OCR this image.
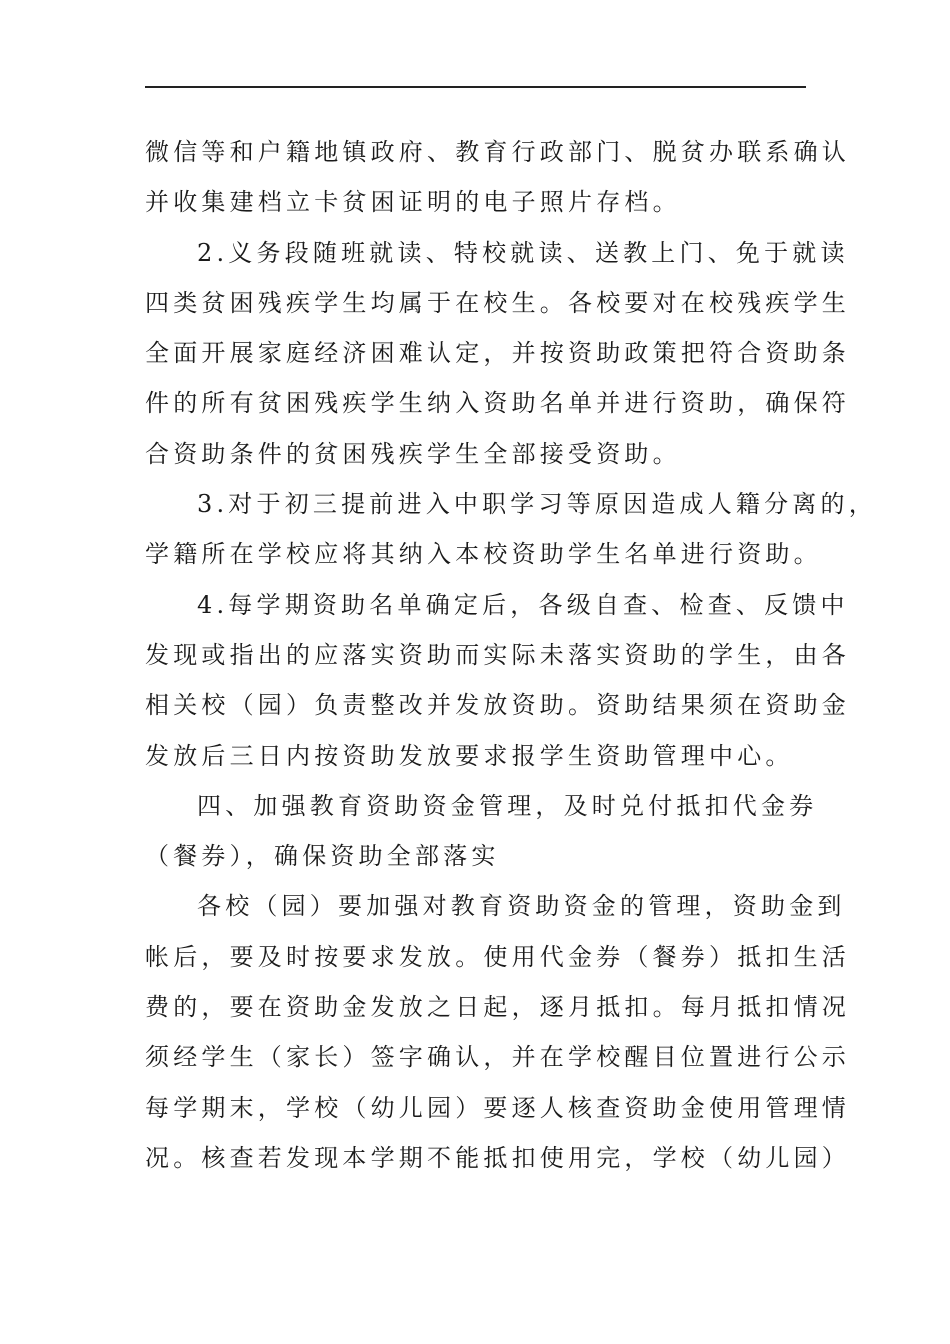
微信等和户籍地镇政府、教育行政部门、脱贫办联系确认
并收集建档立卡贫困证明的电子照片存档。
2.义务段随班就读、特校就读、送教上门、免于就读
四类贫困残疾学生均属于在校生。各校要对在校残疾学生
全面开展家庭经济困难认定，并按资助政策把符合资助条
件的所有贫困残疾学生纳入资助名单并进行资助，确保符
合资助条件的贫困残疾学生全部接受资助。
3.对于初三提前进入中职学习等原因造成人籍分离的，
学籍所在学校应将其纳入本校资助学生名单进行资助。
4.每学期资助名单确定后，各级自查、检查、反馈中
发现或指出的应落实资助而实际未落实资助的学生，由各
相关校（园）负责整改并发放资助。资助结果须在资助金
发放后三日内按资助发放要求报学生资助管理中心。
四、加强教育资助资金管理，及时兑付抵扣代金券
（餐券），确保资助全部落实
各校（园）要加强对教育资助资金的管理，资助金到
帐后，要及时按要求发放。使用代金券（餐券）抵扣生活
费的，要在资助金发放之日起，逐月抵扣。每月抵扣情况
须经学生（家长）签字确认，并在学校醒目位置进行公示
每学期末，学校（幼儿园）要逐人核查资助金使用管理情
况。核查若发现本学期不能抵扣使用完，学校（幼儿园）
